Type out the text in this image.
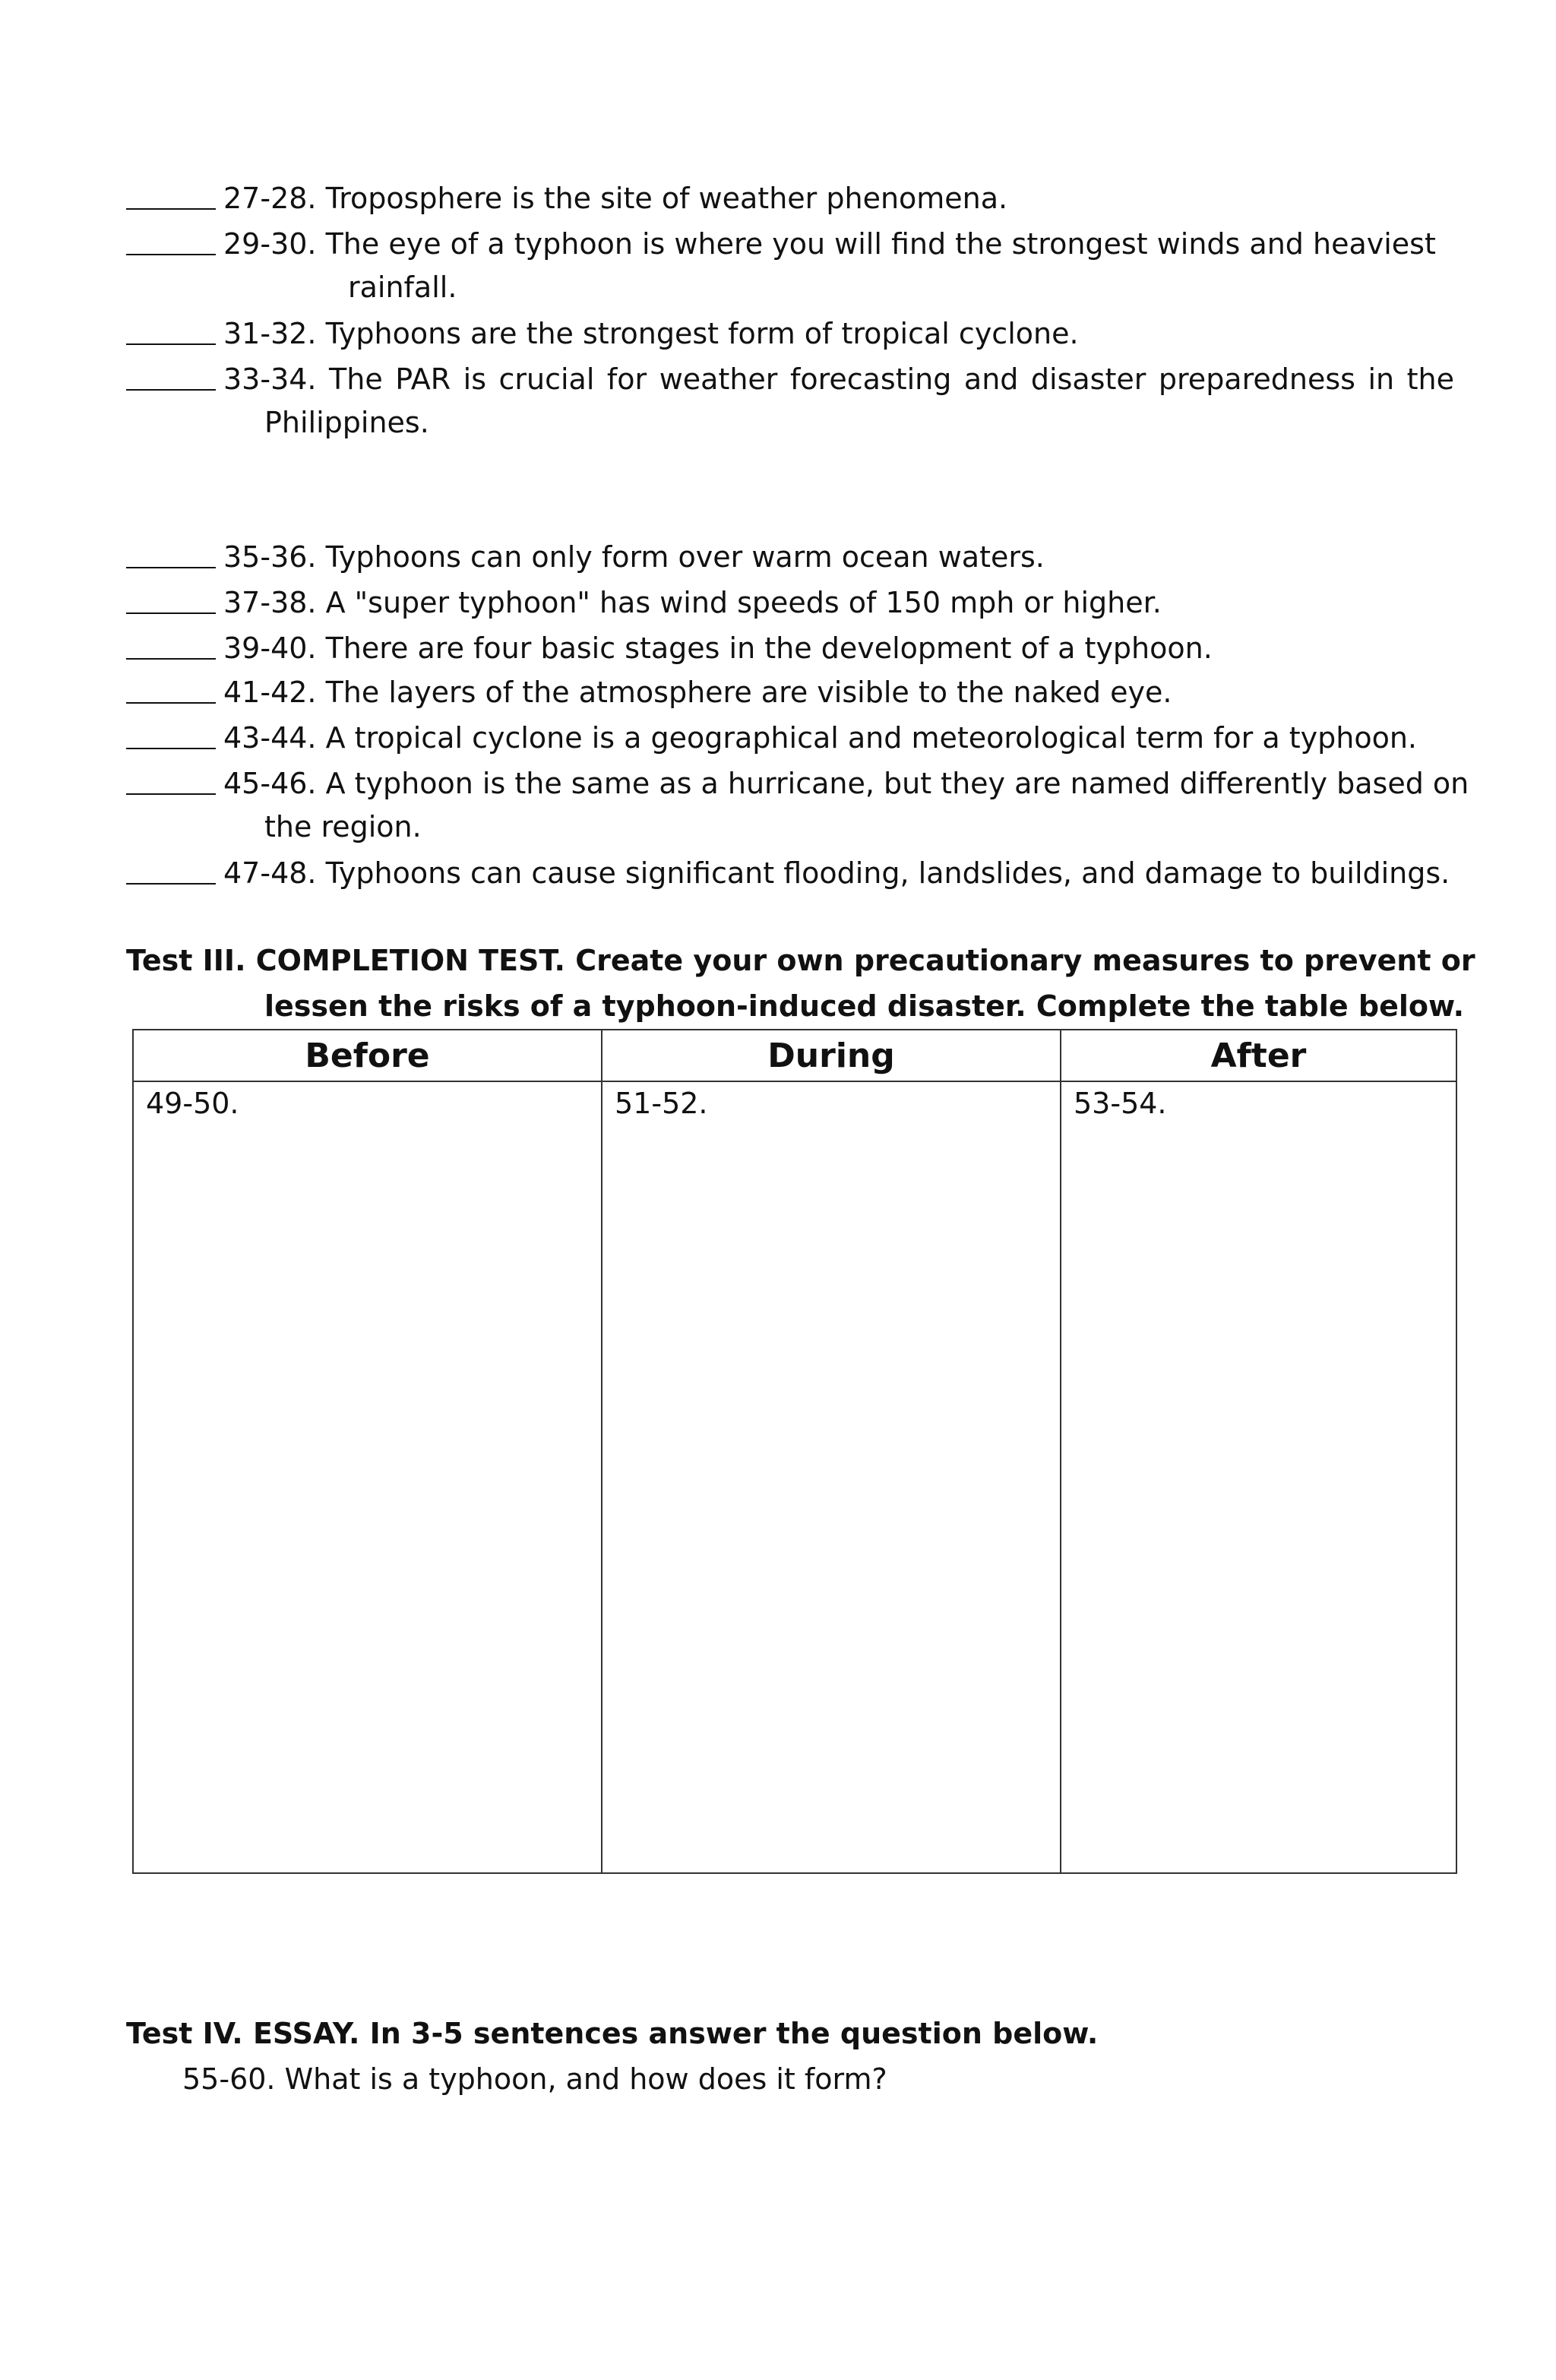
27-28. Troposphere is the site of weather phenomena.
29-30. The eye of a typhoon is where you will find the strongest winds and heaviest
rainfall.
31-32. Typhoons are the strongest form of tropical cyclone.
33-34. The PAR is crucial for weather forecasting and disaster preparedness in the
Philippines.
35-36. Typhoons can only form over warm ocean waters.
37-38. A "super typhoon" has wind speeds of 150 mph or higher.
39-40. There are four basic stages in the development of a typhoon.
41-42. The layers of the atmosphere are visible to the naked eye.
43-44. A tropical cyclone is a geographical and meteorological term for a typhoon.
45-46. A typhoon is the same as a hurricane, but they are named differently based on
the region.
47-48. Typhoons can cause significant flooding, landslides, and damage to buildings.
Test III. COMPLETION TEST. Create your own precautionary measures to prevent or
lessen the risks of a typhoon-induced disaster. Complete the table below.
Before	During	After
49-50.	51-52.	53-54.
Test IV. ESSAY. In 3-5 sentences answer the question below.
55-60. What is a typhoon, and how does it form?
